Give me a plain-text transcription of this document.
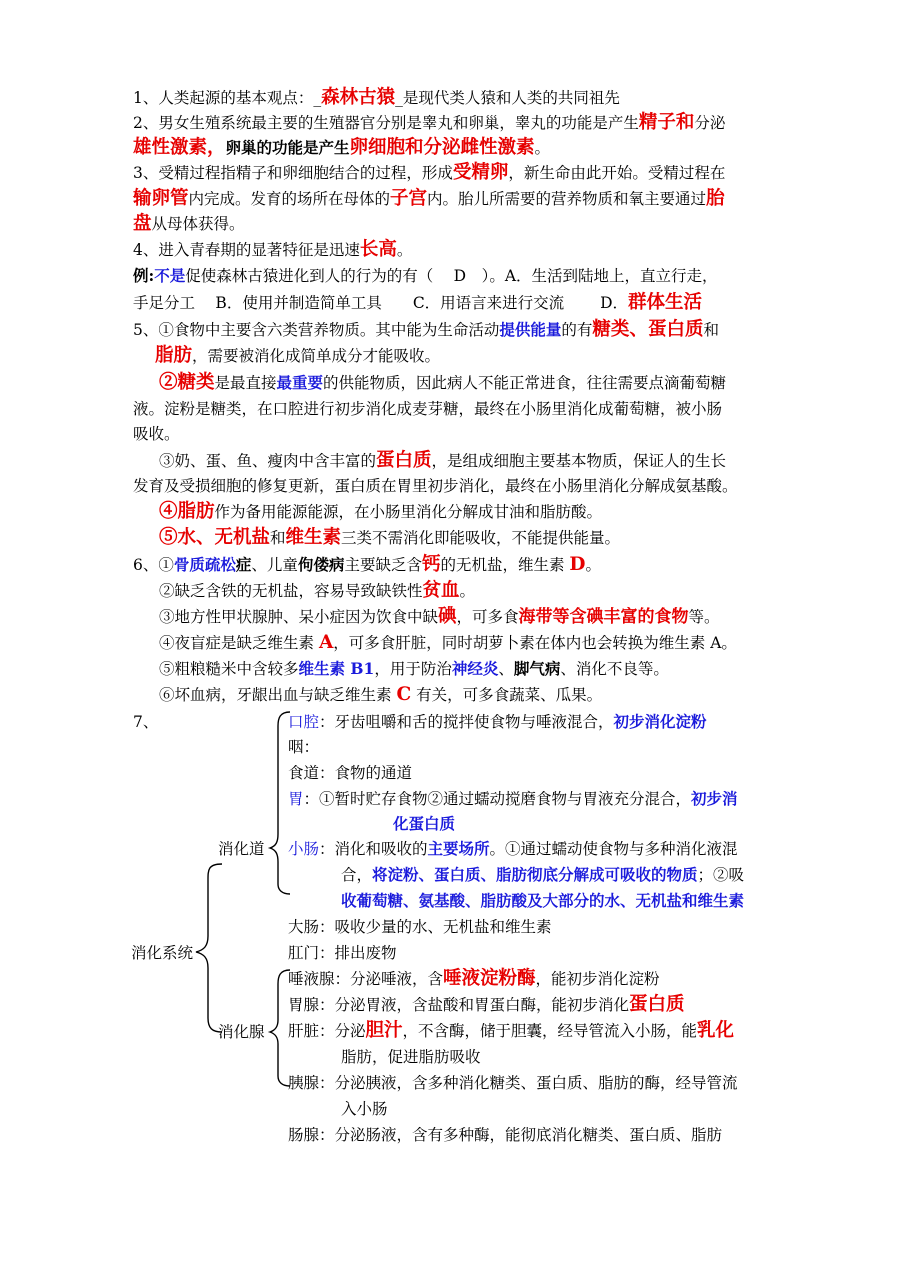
1、人类起源的基本观点：_森林古猿_是现代类人猿和人类的共同祖先
2、男女生殖系统最主要的生殖器官分别是睾丸和卵巢，睾丸的功能是产生精子和分泌
雄性激素，卵巢的功能是产生卵细胞和分泌雌性激素。
3、受精过程指精子和卵细胞结合的过程，形成受精卵，新生命由此开始。受精过程在
输卵管内完成。发育的场所在母体的子宫内。胎儿所需要的营养物质和氧主要通过胎
盘从母体获得。
4、进入青春期的显著特征是迅速长高。
例:不是促使森林古猿进化到人的行为的有（　 D　）。A．生活到陆地上，直立行走，
手足分工　 B．使用并制造简单工具　　C．用语言来进行交流　　 D．群体生活
5、①食物中主要含六类营养物质。其中能为生命活动提供能量的有糖类、蛋白质和
脂肪，需要被消化成简单成分才能吸收。
②糖类是最直接最重要的供能物质，因此病人不能正常进食，往往需要点滴葡萄糖
液。淀粉是糖类，在口腔进行初步消化成麦芽糖，最终在小肠里消化成葡萄糖，被小肠
吸收。
③奶、蛋、鱼、瘦肉中含丰富的蛋白质，是组成细胞主要基本物质，保证人的生长
发育及受损细胞的修复更新，蛋白质在胃里初步消化，最终在小肠里消化分解成氨基酸。
④脂肪作为备用能源能源，在小肠里消化分解成甘油和脂肪酸。
⑤水、无机盐和维生素三类不需消化即能吸收，不能提供能量。
6、①骨质疏松症、儿童佝偻病主要缺乏含钙的无机盐，维生素 D。
②缺乏含铁的无机盐，容易导致缺铁性贫血。
③地方性甲状腺肿、呆小症因为饮食中缺碘，可多食海带等含碘丰富的食物等。
④夜盲症是缺乏维生素 A，可多食肝脏，同时胡萝卜素在体内也会转换为维生素 A。
⑤粗粮糙米中含较多维生素 B1，用于防治神经炎、脚气病、消化不良等。
⑥坏血病，牙龈出血与缺乏维生素 C 有关，可多食蔬菜、瓜果。
7、
消化系统
消化道
消化腺
口腔：牙齿咀嚼和舌的搅拌使食物与唾液混合，初步消化淀粉
咽：
食道：食物的通道
胃：①暂时贮存食物②通过蠕动搅磨食物与胃液充分混合，初步消
化蛋白质
小肠：消化和吸收的主要场所。①通过蠕动使食物与多种消化液混
合，将淀粉、蛋白质、脂肪彻底分解成可吸收的物质；②吸
收葡萄糖、氨基酸、脂肪酸及大部分的水、无机盐和维生素
大肠：吸收少量的水、无机盐和维生素
肛门：排出废物
唾液腺：分泌唾液，含唾液淀粉酶，能初步消化淀粉
胃腺：分泌胃液，含盐酸和胃蛋白酶，能初步消化蛋白质
肝脏：分泌胆汁，不含酶，储于胆囊，经导管流入小肠，能乳化
脂肪，促进脂肪吸收
胰腺：分泌胰液，含多种消化糖类、蛋白质、脂肪的酶，经导管流
入小肠
肠腺：分泌肠液，含有多种酶，能彻底消化糖类、蛋白质、脂肪
